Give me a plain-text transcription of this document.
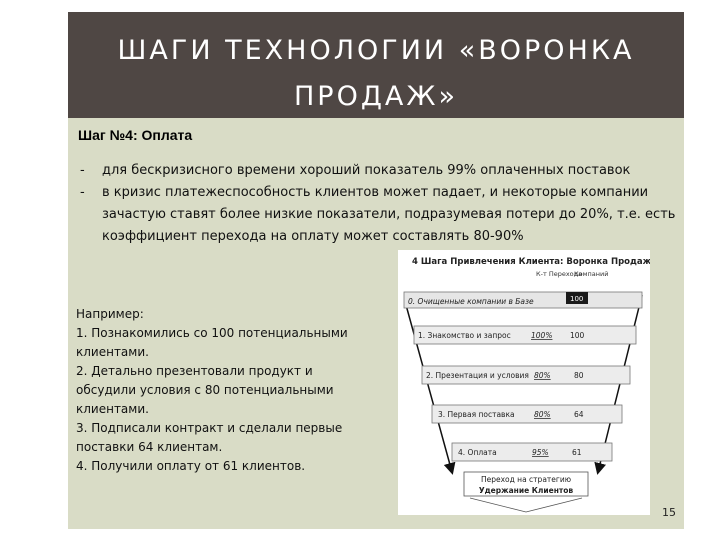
ШАГИ ТЕХНОЛОГИИ «ВОРОНКА ПРОДАЖ»
Шаг №4: Оплата
- для бескризисного времени хороший показатель 99% оплаченных поставок
- в кризис платежеспособность клиентов может падает, и некоторые компании зачастую ставят более низкие показатели, подразумевая потери до 20%, т.е. есть коэффициент перехода на оплату может составлять 80-90%
Например:
1. Познакомились со 100 потенциальными клиентами.
2. Детально презентовали продукт и обсудили условия с 80 потенциальными клиентами.
3. Подписали контракт и сделали первые поставки 64 клиентам.
4. Получили оплату от 61 клиентов.
4 Шага Привлечения Клиента: Воронка Продаж
К-т Перехода
Компаний
0. Очищенные компании в Базе	100
1. Знакомство и запрос	100% 100
2. Презентация и условия 80%	80
3. Первая поставка	80%	64
4. Оплата	95%	61
Переход на стратегию
Удержание Клиентов
15
